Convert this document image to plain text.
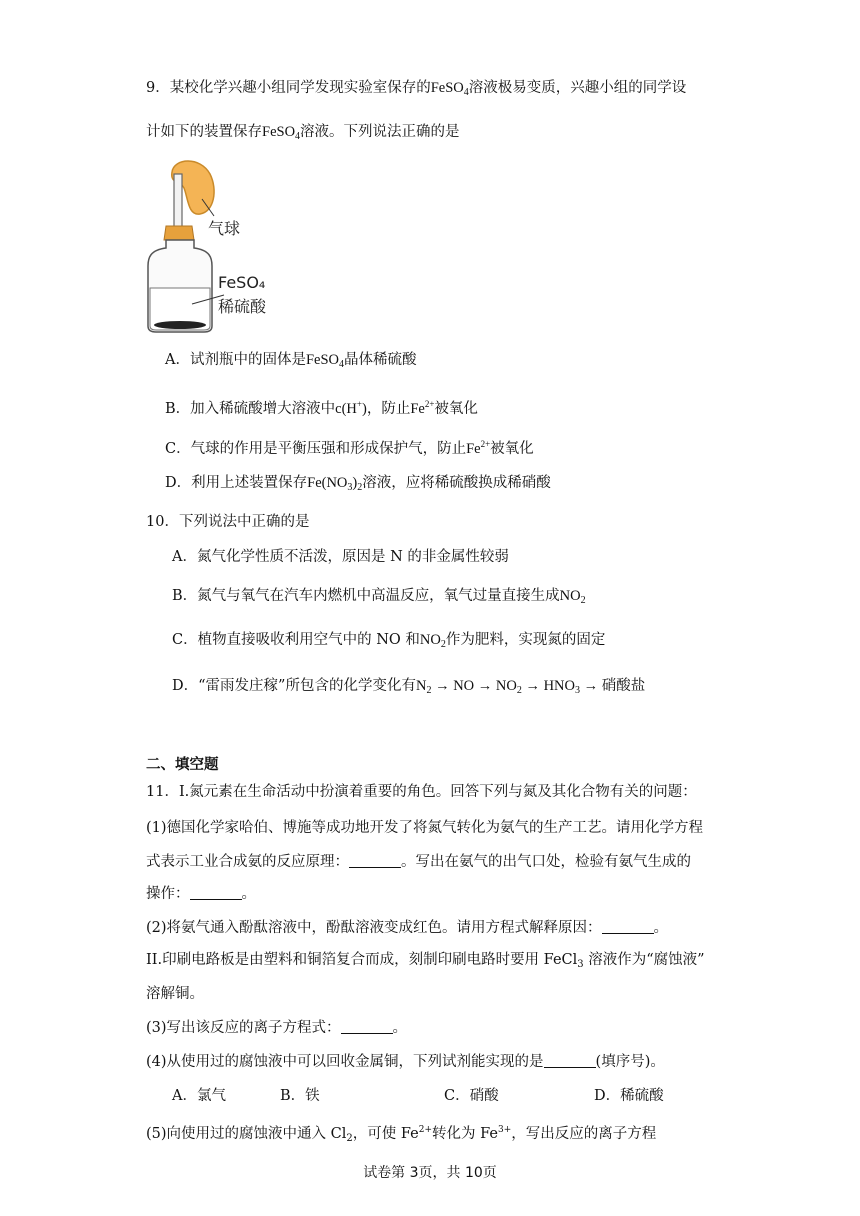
9．某校化学兴趣小组同学发现实验室保存的FeSO$_4$溶液极易变质，兴趣小组的同学设
计如下的装置保存FeSO$_4$溶液。下列说法正确的是
气球
FeSO₄
稀硫酸
A．试剂瓶中的固体是FeSO$_4$晶体稀硫酸
B．加入稀硫酸增大溶液中c(H+)，防止$Fe^{2+}$被氧化
C．气球的作用是平衡压强和形成保护气，防止$Fe^{2+}$被氧化
D．利用上述装置保存$Fe(NO_3)_2$溶液，应将稀硫酸换成稀硝酸
10．下列说法中正确的是
A．氮气化学性质不活泼，原因是 N 的非金属性较弱
B．氮气与氧气在汽车内燃机中高温反应，氧气过量直接生成$NO_2$
C．植物直接吸收利用空气中的 NO 和$NO_2$作为肥料，实现氮的固定
D．“雷雨发庄稼”所包含的化学变化有$N_2$ → NO → $NO_2 \to HNO_3$ → 硝酸盐
二、填空题
11．I.氮元素在生命活动中扮演着重要的角色。回答下列与氮及其化合物有关的问题：
(1)德国化学家哈伯、博施等成功地开发了将氮气转化为氨气的生产工艺。请用化学方程
式表示工业合成氨的反应原理：	。写出在氨气的出气口处，检验有氨气生成的
操作：	。
(2)将氨气通入酚酞溶液中，酚酞溶液变成红色。请用方程式解释原因：	。
II.印刷电路板是由塑料和铜箔复合而成，刻制印刷电路时要用 FeCl$_3$ 溶液作为“腐蚀液”
溶解铜。
(3)写出该反应的离子方程式：	。
(4)从使用过的腐蚀液中可以回收金属铜，下列试剂能实现的是	(填序号)。
A．氯气	B．铁	C．硝酸	D．稀硫酸
(5)向使用过的腐蚀液中通入 $Cl_2$，可使 $Fe^{2+}$转化为 $Fe^{3+}$，写出反应的离子方程
试卷第 3页，共 10页
